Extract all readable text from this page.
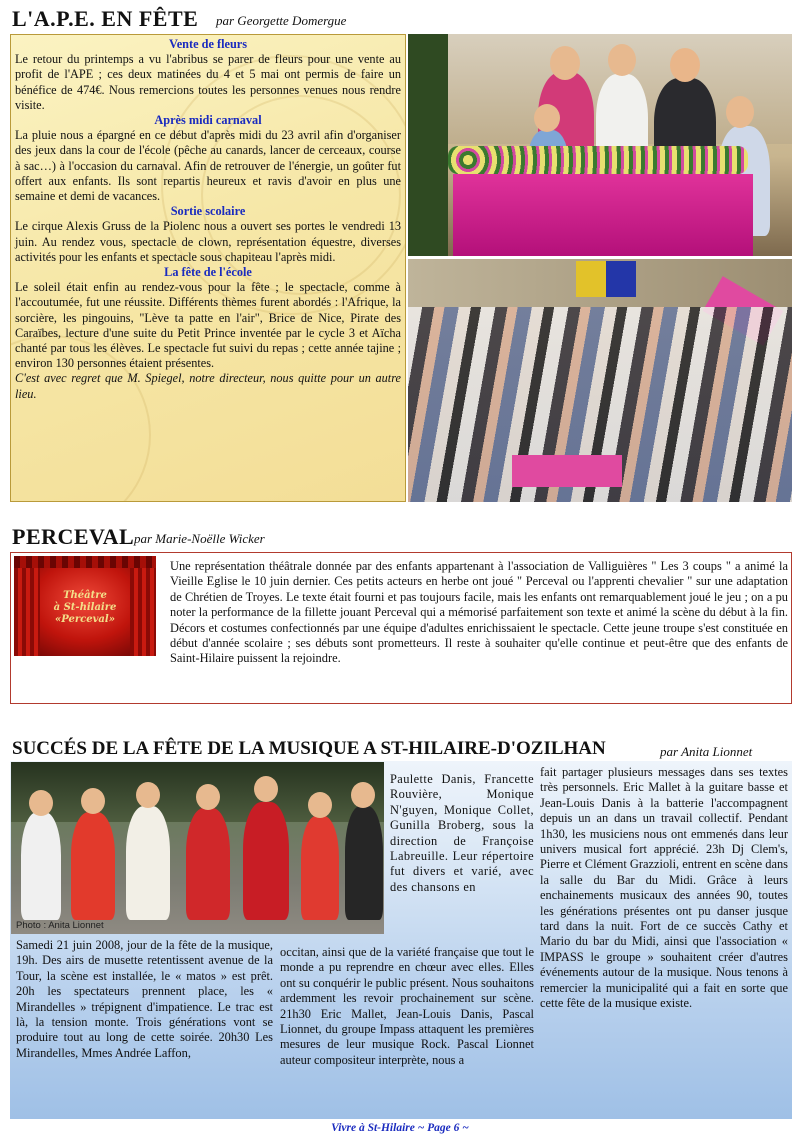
L'A.P.E. EN FÊTE par Georgette Domergue
Vente de fleurs

Le retour du printemps a vu l'abribus se parer de fleurs pour une vente au profit de l'APE ; ces deux matinées du 4 et 5 mai ont permis de faire un bénéfice de 474€. Nous remercions toutes les personnes venues nous rendre visite.

Après midi carnaval

La pluie nous a épargné en ce début d'après midi du 23 avril afin d'organiser des jeux dans la cour de l'école (pêche au canards, lancer de cerceaux, course à sac…) à l'occasion du carnaval. Afin de retrouver de l'énergie, un goûter fut offert aux enfants. Ils sont repartis heureux et ravis d'avoir en plus une semaine et demi de vacances.

Sortie scolaire

Le cirque Alexis Gruss de la Piolenc nous a ouvert ses portes le vendredi 13 juin. Au rendez vous, spectacle de clown, représentation équestre, diverses activités pour les enfants et spectacle sous chapiteau l'après midi.

La fête de l'école

Le soleil était enfin au rendez-vous pour la fête ; le spectacle, comme à l'accoutumée, fut une réussite. Différents thèmes furent abordés : l'Afrique, la sorcière, les pingouins, "Lève ta patte en l'air", Brice de Nice, Pirate des Caraïbes, lecture d'une suite du Petit Prince inventée par le cycle 3 et Aïcha chanté par tous les élèves. Le spectacle fut suivi du repas ; cette année tajine ; environ 130 personnes étaient présentes.

C'est avec regret que M. Spiegel, notre directeur, nous quitte pour un autre lieu.

PERCEVAL par Marie-Noëlle Wicker
Théâtre
à St-hilaire
«Perceval»
Une représentation théâtrale donnée par des enfants appartenant à l'association de Valliguières " Les 3 coups " a animé la Vieille Eglise le 10 juin dernier. Ces petits acteurs en herbe ont joué " Perceval ou l'apprenti chevalier " sur une adaptation de Chrétien de Troyes. Le texte était fourni et pas toujours facile, mais les enfants ont remarquablement joué le jeu ; on a pu noter la performance de la fillette jouant Perceval qui a mémorisé parfaitement son texte et animé la scène du début à la fin. Décors et costumes confectionnés par une équipe d'adultes enrichissaient le spectacle. Cette jeune troupe s'est constituée en début d'année scolaire ; ses débuts sont prometteurs. Il reste à souhaiter qu'elle continue et peut-être que des enfants de Saint-Hilaire puissent la rejoindre.
SUCCÉS DE LA FÊTE DE LA MUSIQUE A ST-HILAIRE-D'OZILHAN	par Anita Lionnet
Photo : Anita Lionnet
Paulette Danis, Francette Rouvière, Monique N'guyen, Monique Collet, Gunilla Broberg, sous la direction de Françoise Labreuille. Leur répertoire fut divers et varié, avec des chansons en
Samedi 21 juin 2008, jour de la fête de la musique, 19h. Des airs de musette retentissent avenue de la Tour, la scène est installée, le « matos » est prêt. 20h les spectateurs prennent place, les « Mirandelles » trépignent d'impatience. Le trac est là, la tension monte. Trois générations vont se produire tout au long de cette soirée. 20h30 Les Mirandelles, Mmes Andrée Laffon,
occitan, ainsi que de la variété française que tout le monde a pu reprendre en chœur avec elles. Elles ont su conquérir le public présent. Nous souhaitons ardemment les revoir prochainement sur scène. 21h30 Eric Mallet, Jean-Louis Danis, Pascal Lionnet, du groupe Impass attaquent les premières mesures de leur musique Rock. Pascal Lionnet auteur compositeur interprète, nous a
fait partager plusieurs messages dans ses textes très personnels. Eric Mallet à la guitare basse et Jean-Louis Danis à la batterie l'accompagnent depuis un an dans un travail collectif. Pendant 1h30, les musiciens nous ont emmenés dans leur univers musical fort apprécié. 23h Dj Clem's, Pierre et Clément Grazzioli, entrent en scène dans la salle du Bar du Midi. Grâce à leurs enchainements musicaux des années 90, toutes les générations présentes ont pu danser jusque tard dans la nuit. Fort de ce succès Cathy et Mario du bar du Midi, ainsi que l'association « IMPASS le groupe » souhaitent créer d'autres événements autour de la musique. Nous tenons à remercier la municipalité qui a fait en sorte que cette fête de la musique existe.
Vivre à St-Hilaire ~ Page 6 ~
